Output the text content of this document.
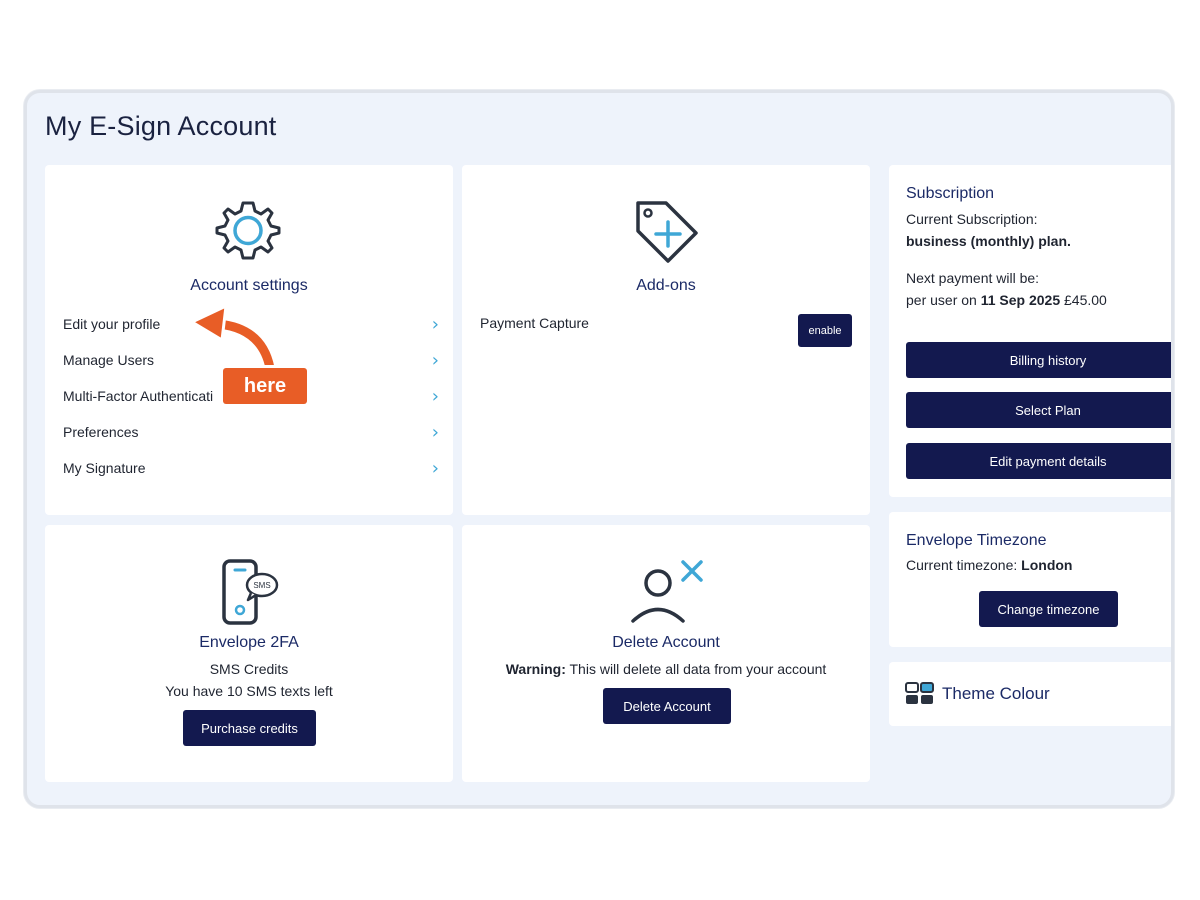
My E-Sign Account
Account settings
Edit your profile	›
Manage Users	›
Multi-Factor Authenticati	›
Preferences	›
My Signature	›
Add-ons
Payment Capture	enable
Subscription
Current Subscription:
business (monthly) plan.
Next payment will be:
per user on 11 Sep 2025 £45.00
Billing history
Select Plan
Edit payment details
Envelope Timezone
Current timezone: London
Change timezone
Theme Colour
SMS
Envelope 2FA
SMS Credits
You have 10 SMS texts left
Purchase credits
Delete Account
Warning: This will delete all data from your account
Delete Account
here
